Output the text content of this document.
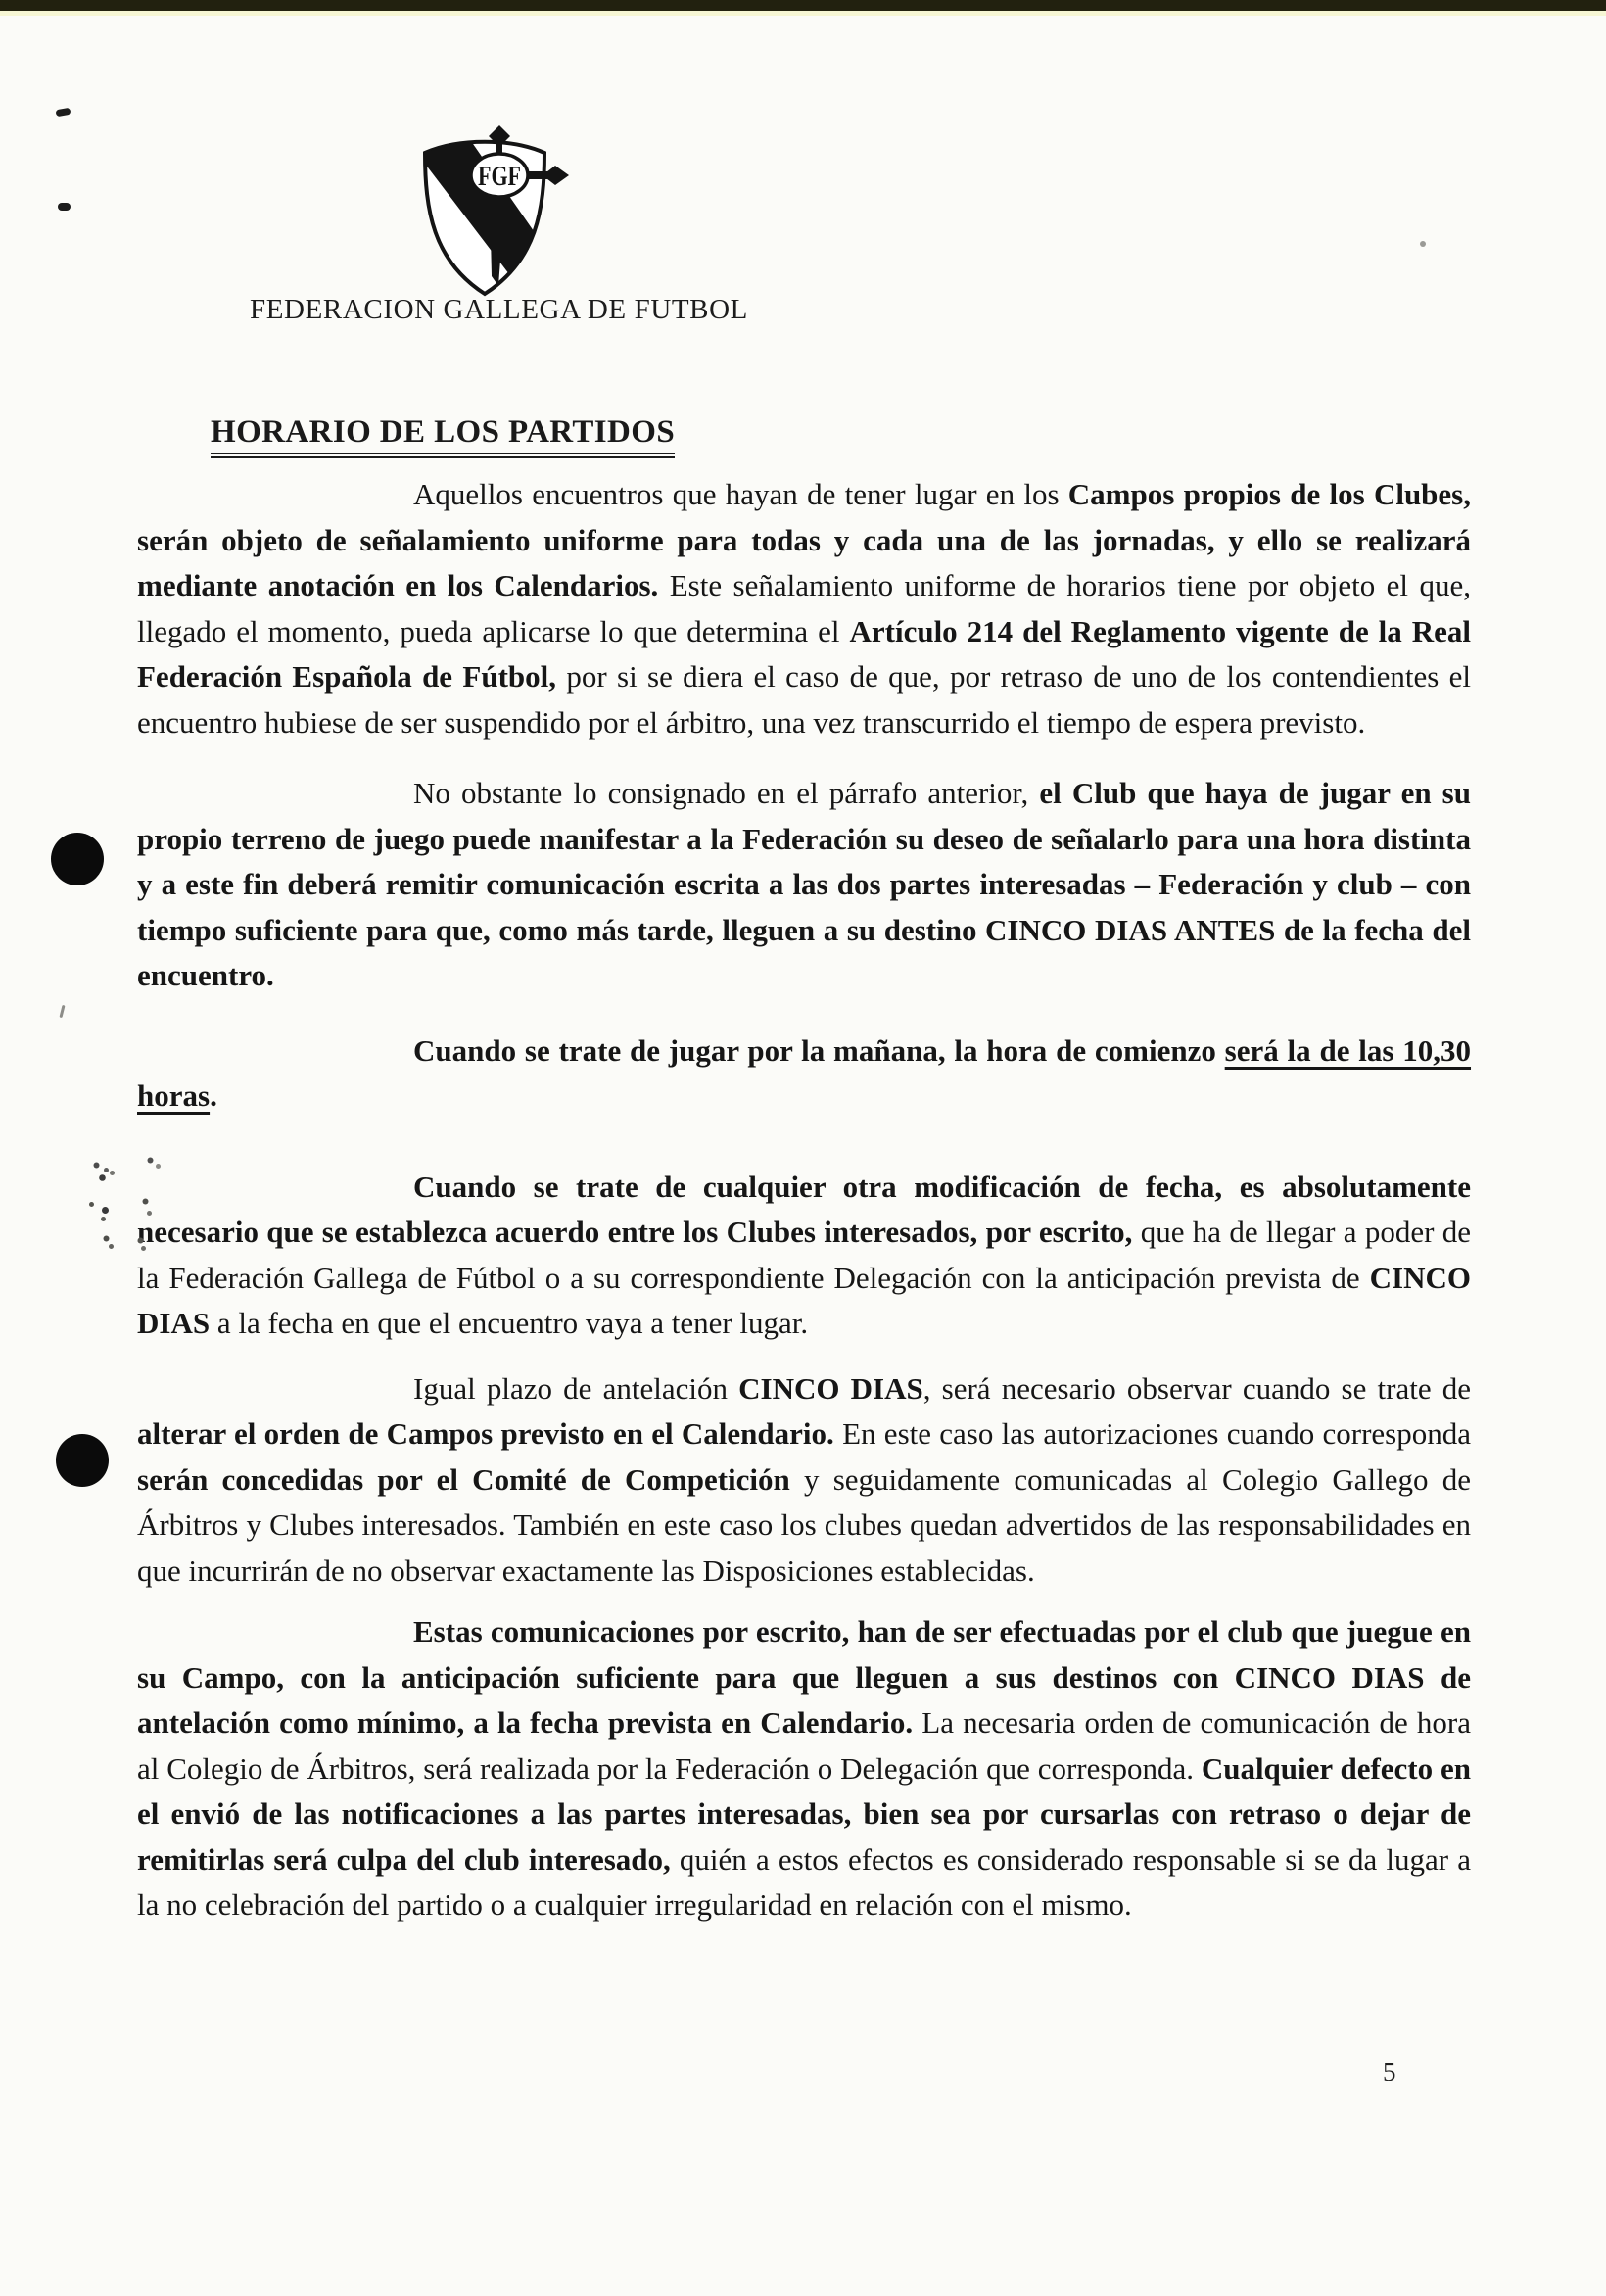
FGF
FEDERACION GALLEGA DE FUTBOL
HORARIO DE LOS PARTIDOS

Aquellos encuentros que hayan de tener lugar en los Campos propios de los Clubes, serán objeto de señalamiento uniforme para todas y cada una de las jornadas, y ello se realizará mediante anotación en los Calendarios. Este señalamiento uniforme de horarios tiene por objeto el que, llegado el momento, pueda aplicarse lo que determina el Artículo 214 del Reglamento vigente de la Real Federación Española de Fútbol, por si se diera el caso de que, por retraso de uno de los contendientes el encuentro hubiese de ser suspendido por el árbitro, una vez transcurrido el tiempo de espera previsto.

No obstante lo consignado en el párrafo anterior, el Club que haya de jugar en su propio terreno de juego puede manifestar a la Federación su deseo de señalarlo para una hora distinta y a este fin deberá remitir comunicación escrita a las dos partes interesadas – Federación y club – con tiempo suficiente para que, como más tarde, lleguen a su destino CINCO DIAS ANTES de la fecha del encuentro.

Cuando se trate de jugar por la mañana, la hora de comienzo será la de las 10,30 horas.

Cuando se trate de cualquier otra modificación de fecha, es absolutamente necesario que se establezca acuerdo entre los Clubes interesados, por escrito, que ha de llegar a poder de la Federación Gallega de Fútbol o a su correspondiente Delegación con la anticipación prevista de CINCO DIAS a la fecha en que el encuentro vaya a tener lugar.

Igual plazo de antelación CINCO DIAS, será necesario observar cuando se trate de alterar el orden de Campos previsto en el Calendario. En este caso las autorizaciones cuando corresponda serán concedidas por el Comité de Competición y seguidamente comunicadas al Colegio Gallego de Árbitros y Clubes interesados. También en este caso los clubes quedan advertidos de las responsabilidades en que incurrirán de no observar exactamente las Disposiciones establecidas.

Estas comunicaciones por escrito, han de ser efectuadas por el club que juegue en su Campo, con la anticipación suficiente para que lleguen a sus destinos con CINCO DIAS de antelación como mínimo, a la fecha prevista en Calendario. La necesaria orden de comunicación de hora al Colegio de Árbitros, será realizada por la Federación o Delegación que corresponda. Cualquier defecto en el envió de las notificaciones a las partes interesadas, bien sea por cursarlas con retraso o dejar de remitirlas será culpa del club interesado, quién a estos efectos es considerado responsable si se da lugar a la no celebración del partido o a cualquier irregularidad en relación con el mismo.

5
